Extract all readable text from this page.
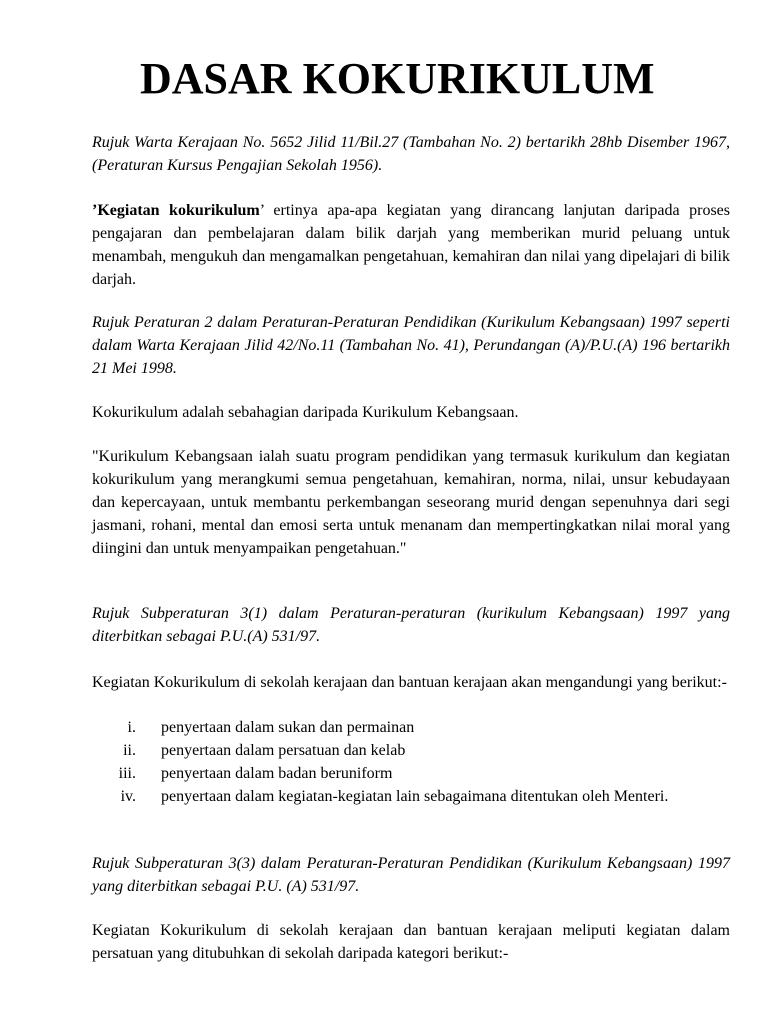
DASAR KOKURIKULUM

Rujuk Warta Kerajaan No. 5652 Jilid 11/Bil.27 (Tambahan No. 2) bertarikh 28hb Disember 1967, (Peraturan Kursus Pengajian Sekolah 1956).

’Kegiatan kokurikulum’ ertinya apa-apa kegiatan yang dirancang lanjutan daripada proses pengajaran dan pembelajaran dalam bilik darjah yang memberikan murid peluang untuk menambah, mengukuh dan mengamalkan pengetahuan, kemahiran dan nilai yang dipelajari di bilik darjah.

Rujuk Peraturan 2 dalam Peraturan-Peraturan Pendidikan (Kurikulum Kebangsaan) 1997 seperti dalam Warta Kerajaan Jilid 42/No.11 (Tambahan No. 41), Perundangan (A)/P.U.(A) 196 bertarikh 21 Mei 1998.

Kokurikulum adalah sebahagian daripada Kurikulum Kebangsaan.

"Kurikulum Kebangsaan ialah suatu program pendidikan yang termasuk kurikulum dan kegiatan kokurikulum yang merangkumi semua pengetahuan, kemahiran, norma, nilai, unsur kebudayaan dan kepercayaan, untuk membantu perkembangan seseorang murid dengan sepenuhnya dari segi jasmani, rohani, mental dan emosi serta untuk menanam dan mempertingkatkan nilai moral yang diingini dan untuk menyampaikan pengetahuan."

Rujuk Subperaturan 3(1) dalam Peraturan-peraturan (kurikulum Kebangsaan) 1997 yang diterbitkan sebagai P.U.(A) 531/97.

Kegiatan Kokurikulum di sekolah kerajaan dan bantuan kerajaan akan mengandungi yang berikut:-

i. penyertaan dalam sukan dan permainan
ii. penyertaan dalam persatuan dan kelab
iii. penyertaan dalam badan beruniform
iv. penyertaan dalam kegiatan-kegiatan lain sebagaimana ditentukan oleh Menteri.

Rujuk Subperaturan 3(3) dalam Peraturan-Peraturan Pendidikan (Kurikulum Kebangsaan) 1997 yang diterbitkan sebagai P.U. (A) 531/97.

Kegiatan Kokurikulum di sekolah kerajaan dan bantuan kerajaan meliputi kegiatan dalam persatuan yang ditubuhkan di sekolah daripada kategori berikut:-
